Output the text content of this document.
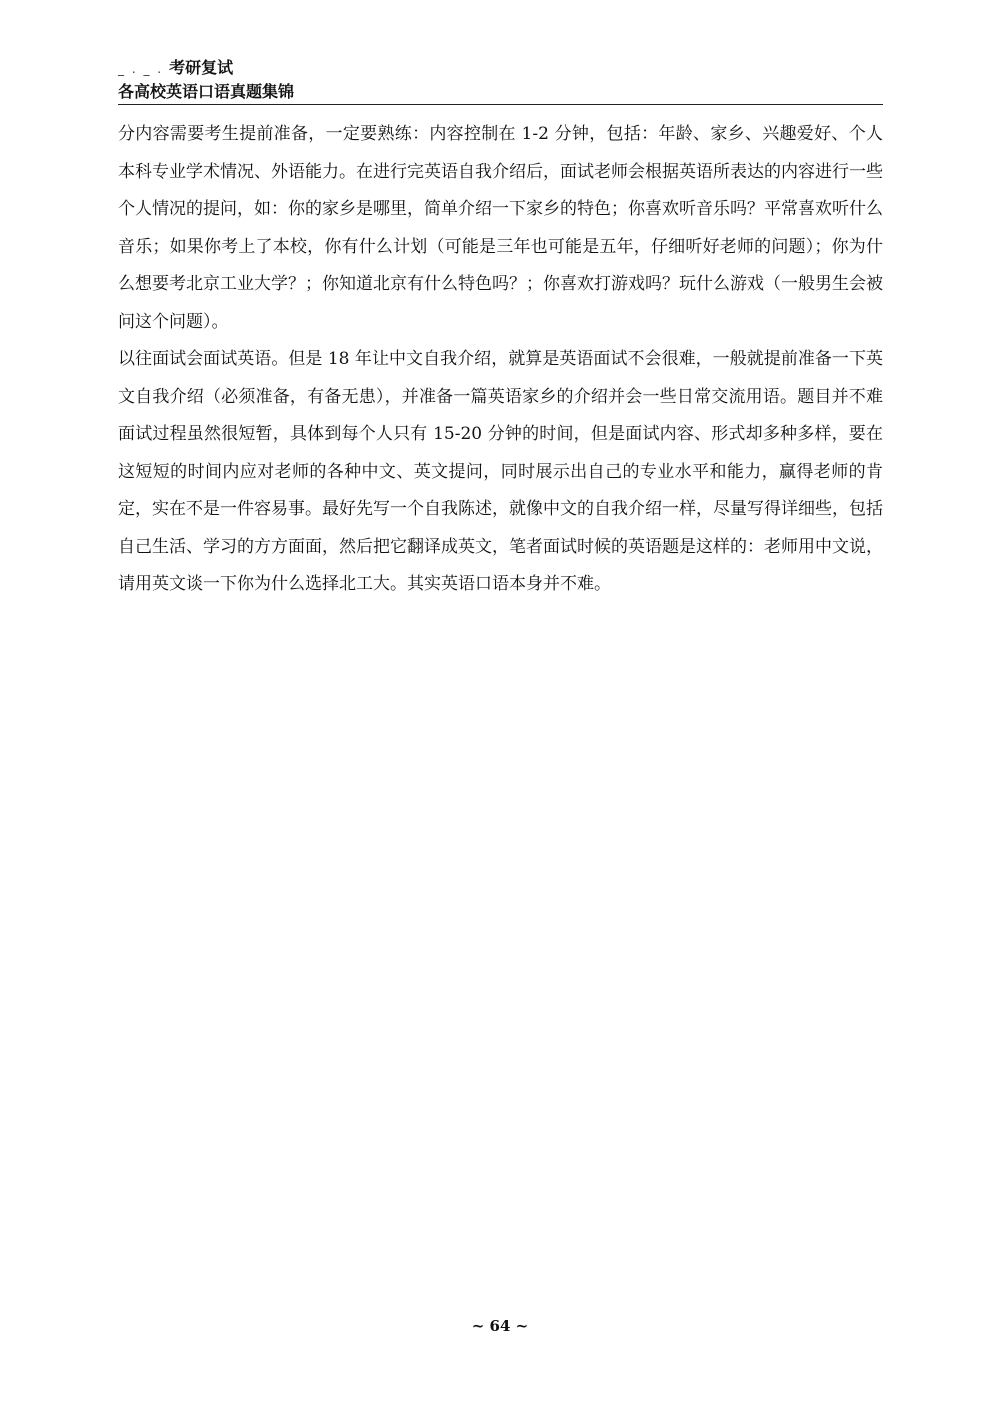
_ . _ . 考研复试
各高校英语口语真题集锦

分内容需要考生提前准备，一定要熟练：内容控制在 1-2 分钟，包括：年龄、家乡、兴趣爱好、个人本科专业学术情况、外语能力。在进行完英语自我介绍后，面试老师会根据英语所表达的内容进行一些个人情况的提问，如：你的家乡是哪里，简单介绍一下家乡的特色；你喜欢听音乐吗？平常喜欢听什么音乐；如果你考上了本校，你有什么计划（可能是三年也可能是五年，仔细听好老师的问题）；你为什么想要考北京工业大学？；你知道北京有什么特色吗？；你喜欢打游戏吗？玩什么游戏（一般男生会被问这个问题）。

以往面试会面试英语。但是 18 年让中文自我介绍，就算是英语面试不会很难，一般就提前准备一下英文自我介绍（必须准备，有备无患），并准备一篇英语家乡的介绍并会一些日常交流用语。题目并不难面试过程虽然很短暂，具体到每个人只有 15-20 分钟的时间，但是面试内容、形式却多种多样，要在这短短的时间内应对老师的各种中文、英文提问，同时展示出自己的专业水平和能力，赢得老师的肯定，实在不是一件容易事。最好先写一个自我陈述，就像中文的自我介绍一样，尽量写得详细些，包括自己生活、学习的方方面面，然后把它翻译成英文，笔者面试时候的英语题是这样的：老师用中文说，请用英文谈一下你为什么选择北工大。其实英语口语本身并不难。

~ 64 ~
